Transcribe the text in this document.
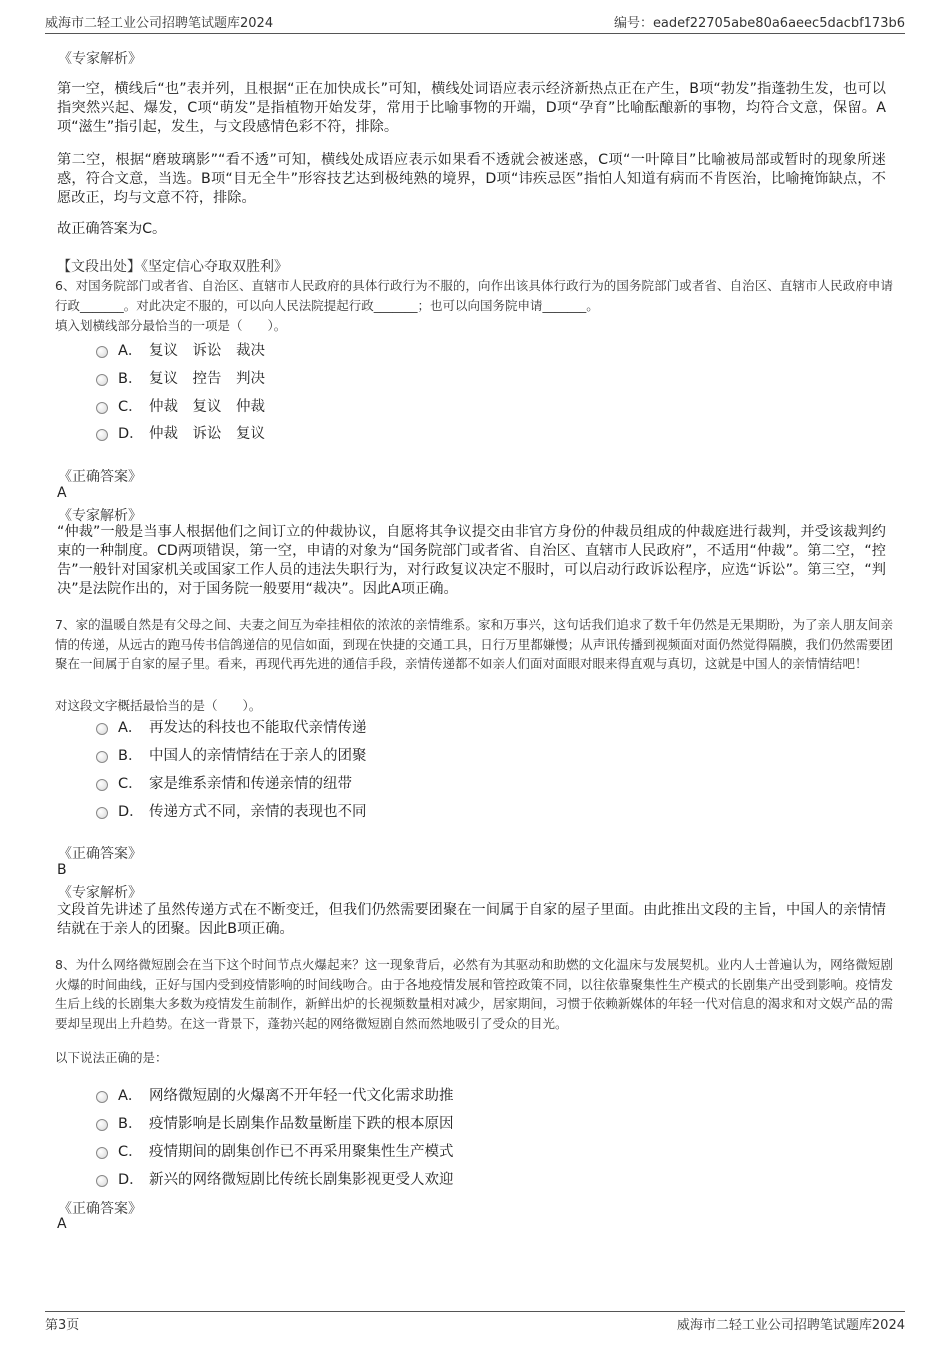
威海市二轻工业公司招聘笔试题库2024	编号：eadef22705abe80a6aeec5dacbf173b6
《专家解析》
第一空，横线后“也”表并列，且根据“正在加快成长”可知，横线处词语应表示经济新热点正在产生，B项“勃发”指蓬勃生发，也可以指突然兴起、爆发，C项“萌发”是指植物开始发芽，常用于比喻事物的开端，D项“孕育”比喻酝酿新的事物，均符合文意，保留。A项“滋生”指引起，发生，与文段感情色彩不符，排除。
第二空，根据“磨玻璃影”“看不透”可知，横线处成语应表示如果看不透就会被迷惑，C项“一叶障目”比喻被局部或暂时的现象所迷惑，符合文意，当选。B项“目无全牛”形容技艺达到极纯熟的境界，D项“讳疾忌医”指怕人知道有病而不肯医治，比喻掩饰缺点，不愿改正，均与文意不符，排除。
故正确答案为C。
【文段出处】《坚定信心夺取双胜利》
6、对国务院部门或者省、自治区、直辖市人民政府的具体行政行为不服的，向作出该具体行政行为的国务院部门或者省、自治区、直辖市人民政府申请行政_______。对此决定不服的，可以向人民法院提起行政_______；也可以向国务院申请_______。
填入划横线部分最恰当的一项是（　　）。
A． 复议　诉讼　裁决
B． 复议　控告　判决
C． 仲裁　复议　仲裁
D． 仲裁　诉讼　复议
《正确答案》
A
《专家解析》
“仲裁”一般是当事人根据他们之间订立的仲裁协议，自愿将其争议提交由非官方身份的仲裁员组成的仲裁庭进行裁判，并受该裁判约束的一种制度。CD两项错误，第一空，申请的对象为“国务院部门或者省、自治区、直辖市人民政府”，不适用“仲裁”。第二空，“控告”一般针对国家机关或国家工作人员的违法失职行为，对行政复议决定不服时，可以启动行政诉讼程序，应选“诉讼”。第三空，“判决”是法院作出的，对于国务院一般要用“裁决”。因此A项正确。
7、家的温暖自然是有父母之间、夫妻之间互为牵挂相依的浓浓的亲情维系。家和万事兴，这句话我们追求了数千年仍然是无果期盼，为了亲人朋友间亲情的传递，从远古的跑马传书信鸽递信的见信如面，到现在快捷的交通工具，日行万里都嫌慢；从声讯传播到视频面对面仍然觉得隔膜，我们仍然需要团聚在一间属于自家的屋子里。看来，再现代再先进的通信手段，亲情传递都不如亲人们面对面眼对眼来得直观与真切，这就是中国人的亲情情结吧！
对这段文字概括最恰当的是（　　）。
A． 再发达的科技也不能取代亲情传递
B． 中国人的亲情情结在于亲人的团聚
C． 家是维系亲情和传递亲情的纽带
D． 传递方式不同，亲情的表现也不同
《正确答案》
B
《专家解析》
文段首先讲述了虽然传递方式在不断变迁，但我们仍然需要团聚在一间属于自家的屋子里面。由此推出文段的主旨，中国人的亲情情结就在于亲人的团聚。因此B项正确。
8、为什么网络微短剧会在当下这个时间节点火爆起来？这一现象背后，必然有为其驱动和助燃的文化温床与发展契机。业内人士普遍认为，网络微短剧火爆的时间曲线，正好与国内受到疫情影响的时间线吻合。由于各地疫情发展和管控政策不同，以往依靠聚集性生产模式的长剧集产出受到影响。疫情发生后上线的长剧集大多数为疫情发生前制作，新鲜出炉的长视频数量相对减少，居家期间，习惯于依赖新媒体的年轻一代对信息的渴求和对文娱产品的需要却呈现出上升趋势。在这一背景下，蓬勃兴起的网络微短剧自然而然地吸引了受众的目光。
以下说法正确的是：
A． 网络微短剧的火爆离不开年轻一代文化需求助推
B． 疫情影响是长剧集作品数量断崖下跌的根本原因
C． 疫情期间的剧集创作已不再采用聚集性生产模式
D． 新兴的网络微短剧比传统长剧集影视更受人欢迎
《正确答案》
A
第3页	威海市二轻工业公司招聘笔试题库2024
